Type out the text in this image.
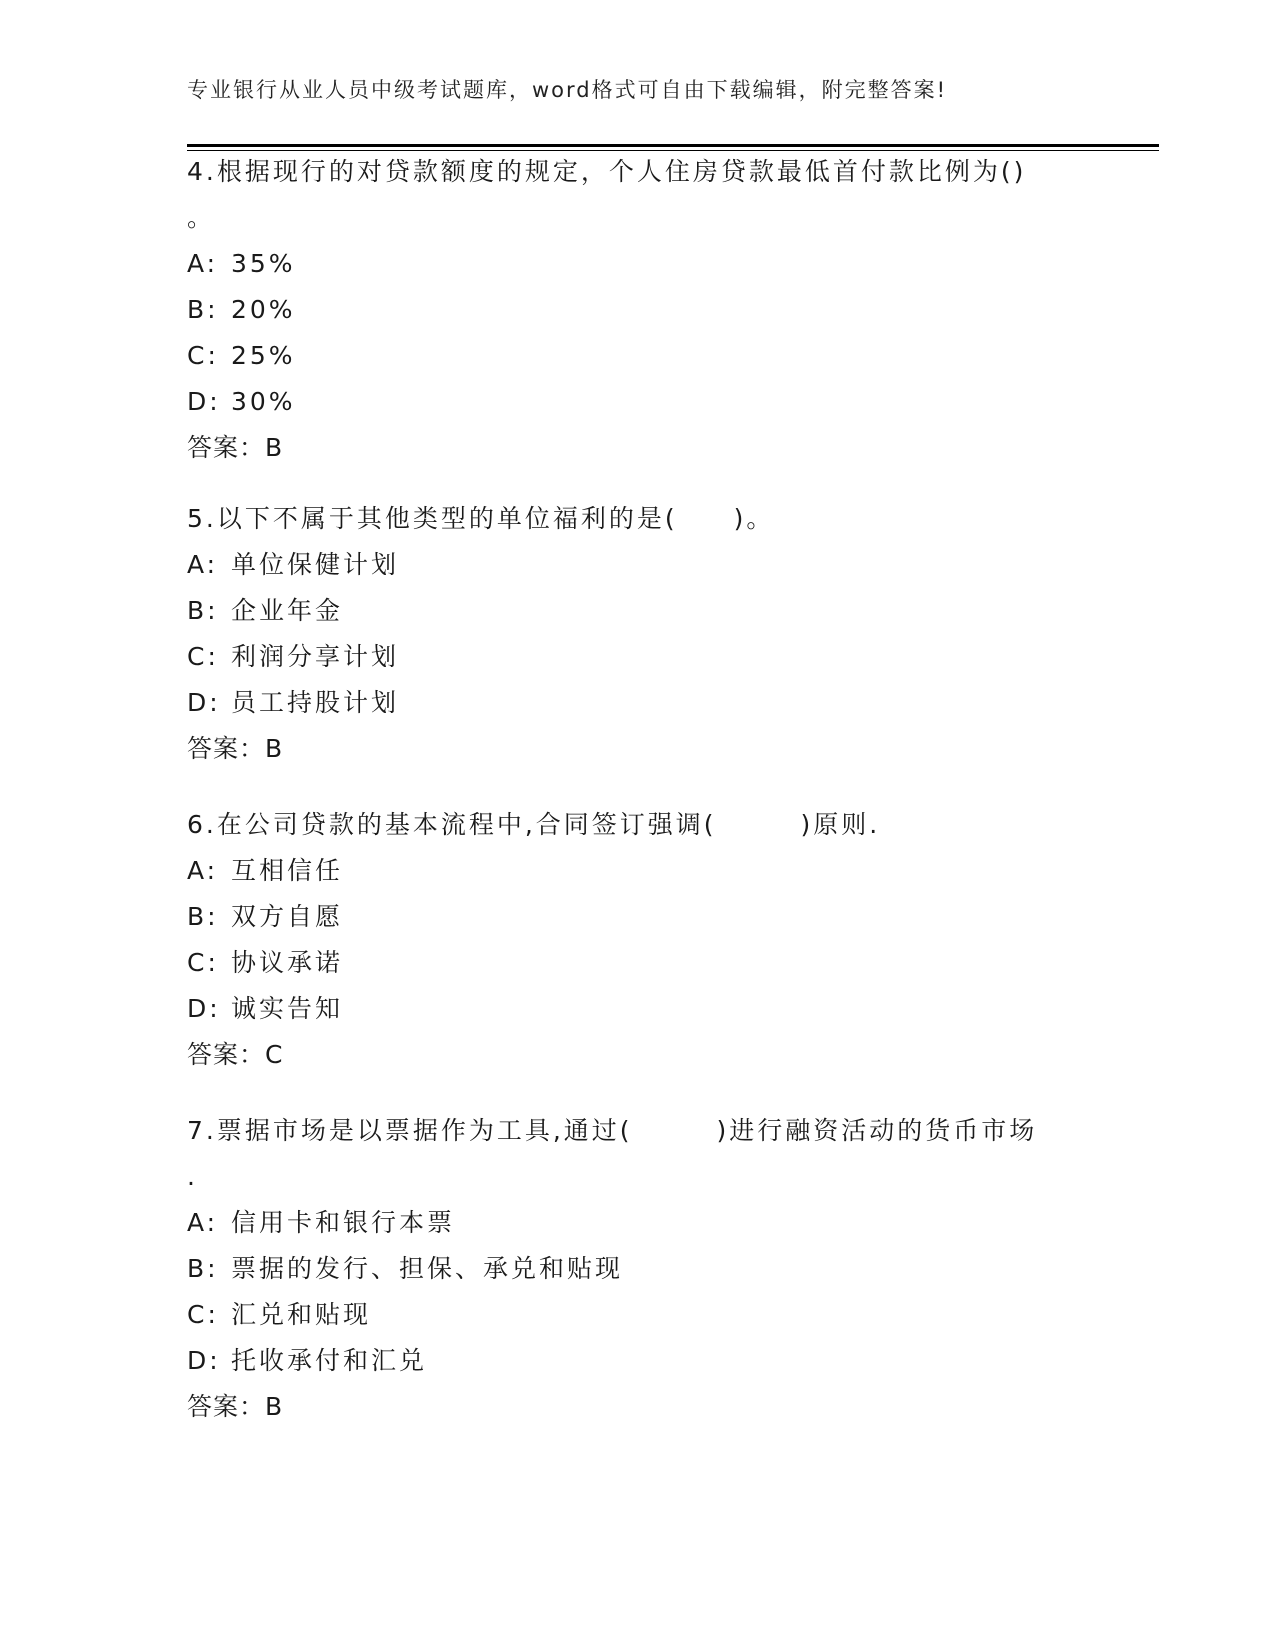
专业银行从业人员中级考试题库，word格式可自由下载编辑，附完整答案!
4.根据现行的对贷款额度的规定，个人住房贷款最低首付款比例为()
。
A: 35%
B: 20%
C: 25%
D: 30%
答案：B
5.以下不属于其他类型的单位福利的是(　　)。
A: 单位保健计划
B: 企业年金
C: 利润分享计划
D: 员工持股计划
答案：B
6.在公司贷款的基本流程中,合同签订强调(　　　)原则.
A: 互相信任
B: 双方自愿
C: 协议承诺
D: 诚实告知
答案：C
7.票据市场是以票据作为工具,通过(　　　)进行融资活动的货币市场
.
A: 信用卡和银行本票
B: 票据的发行、担保、承兑和贴现
C: 汇兑和贴现
D: 托收承付和汇兑
答案：B
